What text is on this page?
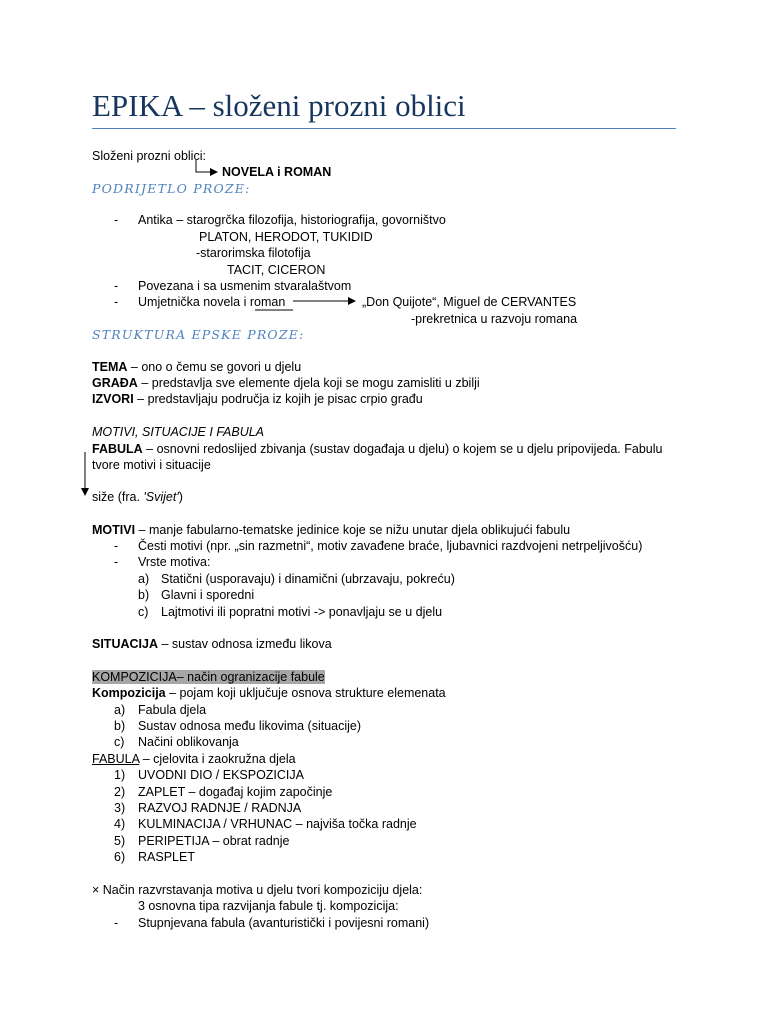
EPIKA – složeni prozni oblici
Složeni prozni oblici:
NOVELA i ROMAN
PODRIJETLO PROZE:
- Antika – starogrčka filozofija, historiografija, govorništvo
PLATON, HERODOT, TUKIDID
-starorimska filotofija
TACIT, CICERON
- Povezana i sa usmenim stvaralaštvom
- Umjetnička novela i roman	„Don Quijote“, Miguel de CERVANTES
-prekretnica u razvoju romana
STRUKTURA EPSKE PROZE:
TEMA – ono o čemu se govori u djelu
GRAĐA – predstavlja sve elemente djela koji se mogu zamisliti u zbilji
IZVORI – predstavljaju područja iz kojih je pisac crpio građu
MOTIVI, SITUACIJE I FABULA
FABULA – osnovni redoslijed zbivanja (sustav događaja u djelu) o kojem se u djelu pripovijeda. Fabulu
tvore motivi i situacije
siže (fra. 'Svijet')
MOTIVI – manje fabularno-tematske jedinice koje se nižu unutar djela oblikujući fabulu
- Česti motivi (npr. „sin razmetni“, motiv zavađene braće, ljubavnici razdvojeni netrpeljivošću)
- Vrste motiva:
a) Statični (usporavaju) i dinamični (ubrzavaju, pokreću)
b) Glavni i sporedni
c) Lajtmotivi ili popratni motivi -> ponavljaju se u djelu
SITUACIJA – sustav odnosa između likova
KOMPOZICIJA– način ogranizacije fabule
Kompozicija – pojam koji uključuje osnova strukture elemenata
a) Fabula djela
b) Sustav odnosa među likovima (situacije)
c) Načini oblikovanja
FABULA – cjelovita i zaokružna djela
1) UVODNI DIO / EKSPOZICIJA
2) ZAPLET – događaj kojim započinje
3) RAZVOJ RADNJE / RADNJA
4) KULMINACIJA / VRHUNAC – najviša točka radnje
5) PERIPETIJA – obrat radnje
6) RASPLET
× Način razvrstavanja motiva u djelu tvori kompoziciju djela:
3 osnovna tipa razvijanja fabule tj. kompozicija:
- Stupnjevana fabula (avanturistički i povijesni romani)
